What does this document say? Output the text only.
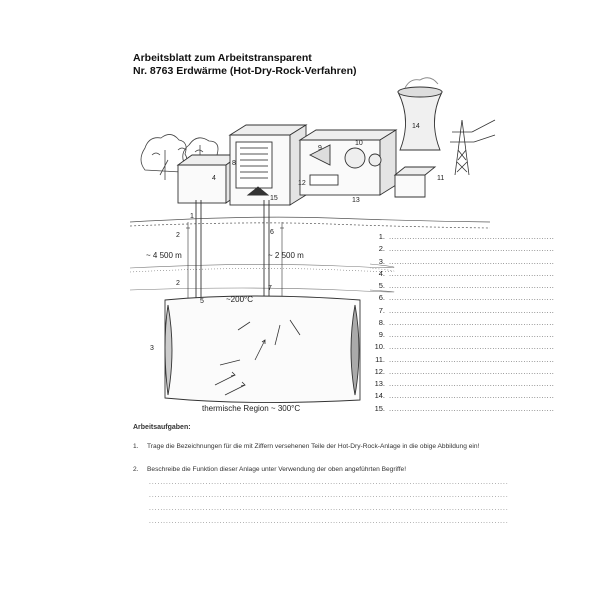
Arbeitsblatt zum Arbeitstransparent
Nr. 8763 Erdwärme (Hot-Dry-Rock-Verfahren)
~ 4 500 m	~ 2 500 m
~200°C
thermische Region ~ 300°C
1
2
2
3
4
5
6
7
8
9
10
11
12
13
14
15
1. ................................................................
2. ................................................................
3. ................................................................
4. ................................................................
5. ................................................................
6. ................................................................
7. ................................................................
8. ................................................................
9. ................................................................
10. ................................................................
11. ................................................................
12. ................................................................
13. ................................................................
14. ................................................................
15. ................................................................
Arbeitsaufgaben:
1.	Trage die Bezeichnungen für die mit Ziffern versehenen Teile der Hot-Dry-Rock-Anlage in die obige Abbildung ein!
2.	Beschreibe die Funktion dieser Anlage unter Verwendung der oben angeführten Begriffe!
...............................................................................................................................
...............................................................................................................................
...............................................................................................................................
...............................................................................................................................
